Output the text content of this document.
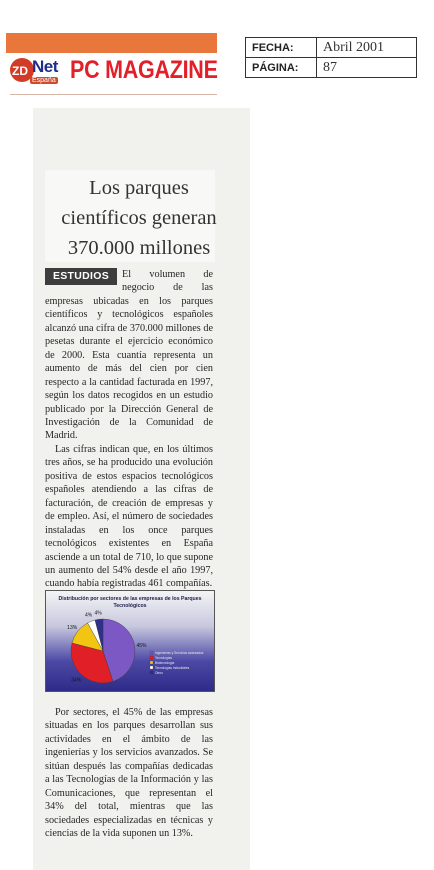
ZD Net
España PC MAGAZINE
FECHA:	Abril 2001
PÁGINA:	87
Los parques
científicos generan
370.000 millones
ESTUDIOS	El volumen de negocio de las empresas ubicadas en los parques científicos y tecnológicos españoles alcanzó una cifra de 370.000 millones de pesetas durante el ejercicio económico de 2000. Esta cuantía representa un aumento de más del cien por cien respecto a la cantidad facturada en 1997, según los datos recogidos en un estudio publicado por la Dirección General de Investigación de la Comunidad de Madrid.

Las cifras indican que, en los últimos tres años, se ha producido una evolución positiva de estos espacios tecnológicos españoles atendiendo a las cifras de facturación, de creación de empresas y de empleo. Así, el número de sociedades instaladas en los once parques tecnológicos existentes en España asciende a un total de 710, lo que supone un aumento del 54% desde el año 1997, cuando había registradas 461 compañías.

Distribución por sectores de las empresas de los Parques Tecnológicos
45%
34%
13%
4% 4%
Ingenierías y Servicios avanzados
Tecnologías
Biotecnología
Tecnologías Industriales
Otros

Por sectores, el 45% de las empresas situadas en los parques desarrollan sus actividades en el ámbito de las ingenierías y los servicios avanzados. Se sitúan después las compañías dedicadas a las Tecnologías de la Información y las Comunicaciones, que representan el 34% del total, mientras que las sociedades especializadas en técnicas y ciencias de la vida suponen un 13%.
